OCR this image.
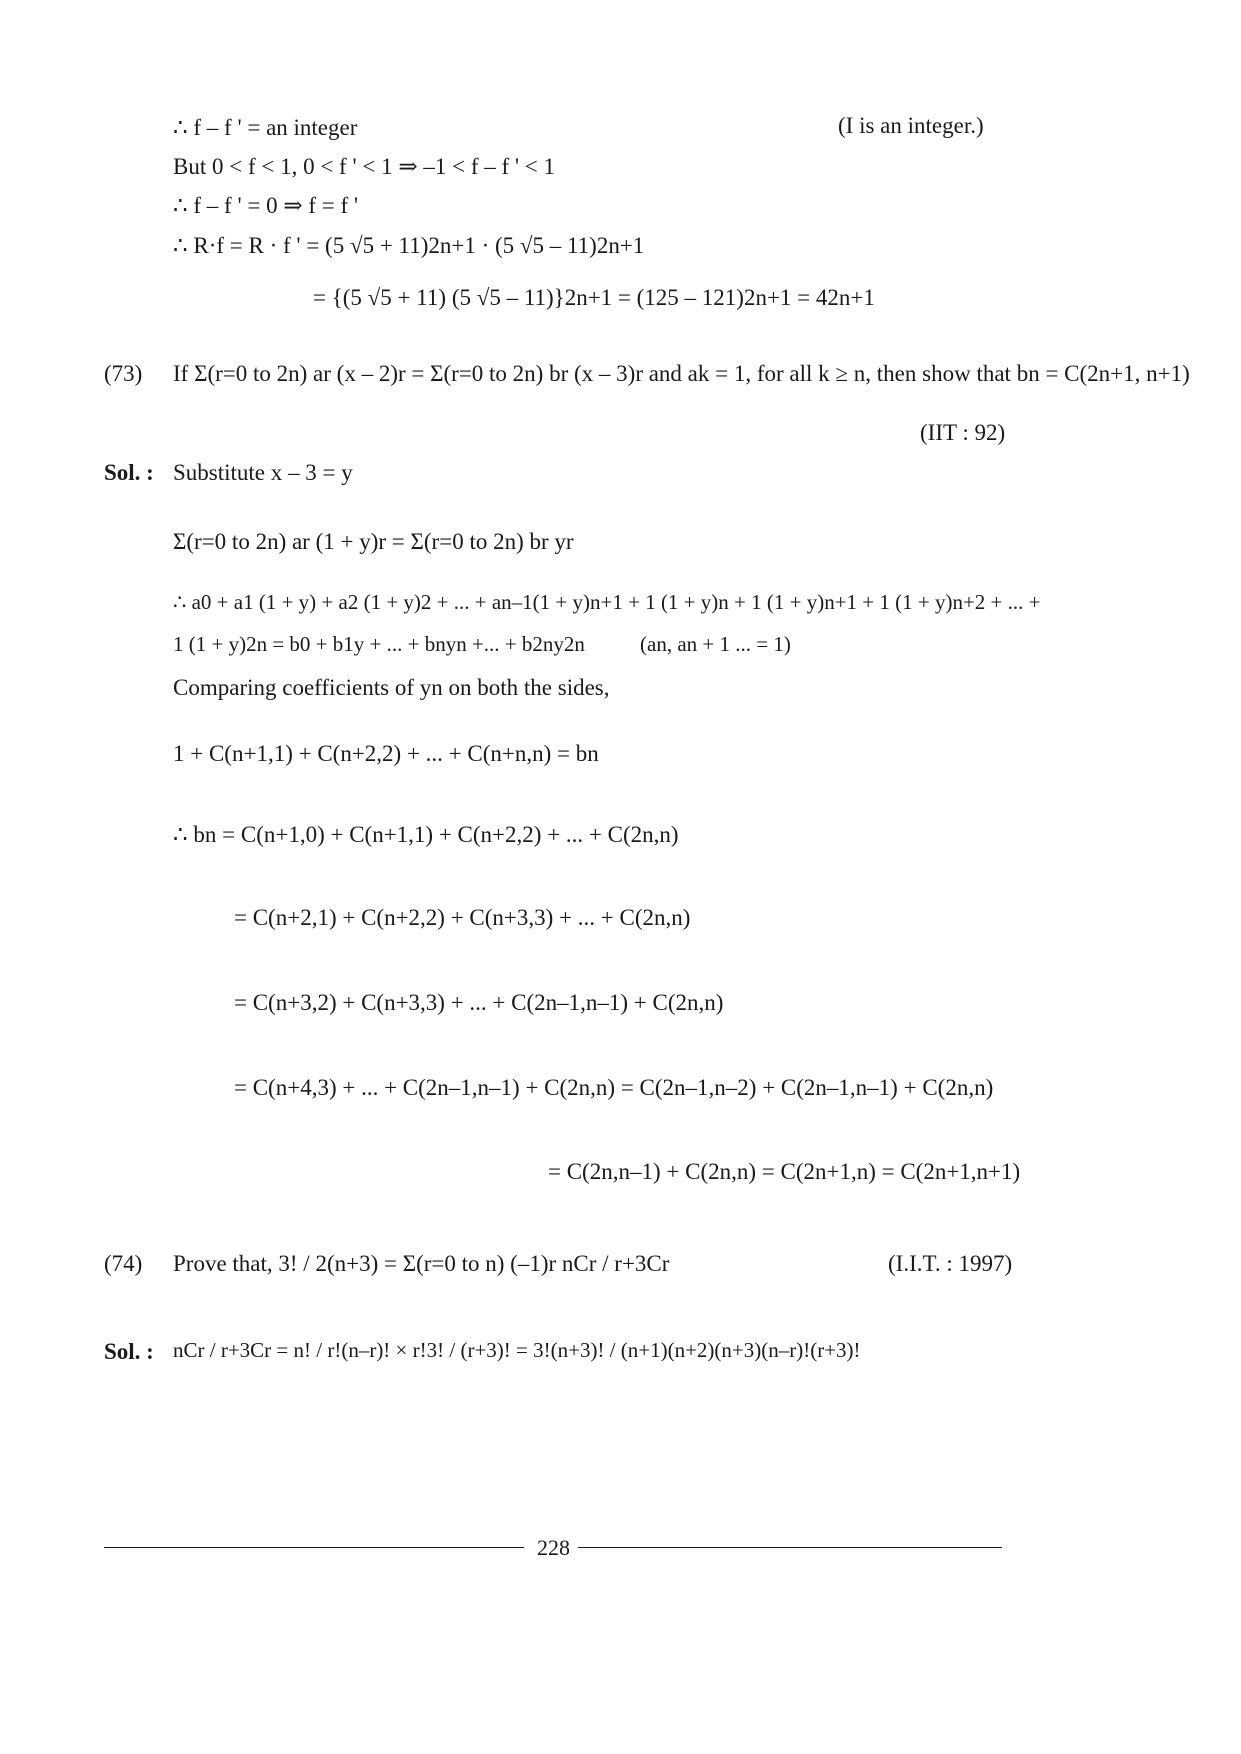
∴ f – f ' = an integer	(I is an integer.)
But 0 < f < 1, 0 < f ' < 1 ⇒ –1 < f – f ' < 1
∴ f – f ' = 0 ⇒ f = f '
∴ R·f = R · f ' = (5 √5 + 11)2n+1 · (5 √5 – 11)2n+1
= {(5 √5 + 11) (5 √5 – 11)}2n+1 = (125 – 121)2n+1 = 42n+1
(73) If Σ(r=0 to 2n) ar (x – 2)r = Σ(r=0 to 2n) br (x – 3)r and ak = 1, for all k ≥ n, then show that bn = C(2n+1, n+1)
(IIT : 92)
Sol. : Substitute x – 3 = y
Σ(r=0 to 2n) ar (1 + y)r = Σ(r=0 to 2n) br yr
∴ a0 + a1 (1 + y) + a2 (1 + y)2 + ... + an–1(1 + y)n+1 + 1 (1 + y)n + 1 (1 + y)n+1 + 1 (1 + y)n+2 + ... +
1 (1 + y)2n = b0 + b1y + ... + bnyn +... + b2ny2n	(an, an + 1 ... = 1)
Comparing coefficients of yn on both the sides,
1 + C(n+1,1) + C(n+2,2) + ... + C(n+n,n) = bn
∴ bn = C(n+1,0) + C(n+1,1) + C(n+2,2) + ... + C(2n,n)
= C(n+2,1) + C(n+2,2) + C(n+3,3) + ... + C(2n,n)
= C(n+3,2) + C(n+3,3) + ... + C(2n–1,n–1) + C(2n,n)
= C(n+4,3) + ... + C(2n–1,n–1) + C(2n,n) = C(2n–1,n–2) + C(2n–1,n–1) + C(2n,n)
= C(2n,n–1) + C(2n,n) = C(2n+1,n) = C(2n+1,n+1)
(74) Prove that, 3! / 2(n+3) = Σ(r=0 to n) (–1)r nCr / r+3Cr	(I.I.T. : 1997)
Sol. : nCr / r+3Cr = n! / r!(n–r)! × r!3! / (r+3)! = 3!(n+3)! / (n+1)(n+2)(n+3)(n–r)!(r+3)!
228
